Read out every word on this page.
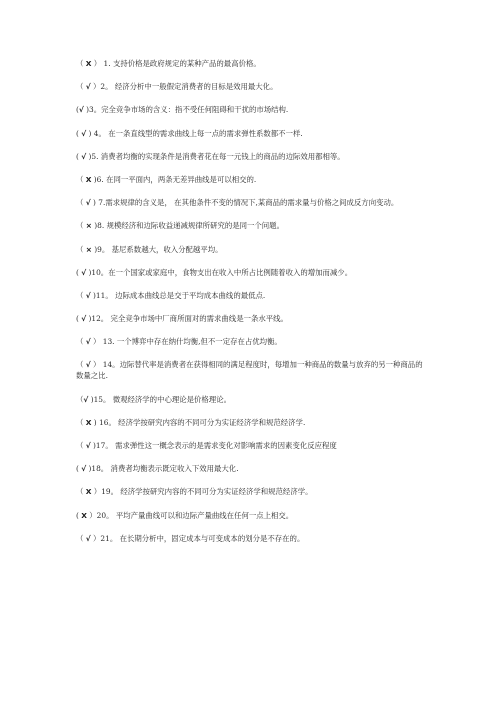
（ X ） 1. 支持价格是政府规定的某种产品的最高价格。
（ √ ）2。 经济分析中一般假定消费者的目标是效用最大化。
(√ )3。完全竞争市场的含义：指不受任何阻碍和干扰的市场结构.
( √ ) 4。 在一条直线型的需求曲线上每一点的需求弹性系数都不一样.
( √ )5. 消费者均衡的实现条件是消费者花在每一元钱上的商品的边际效用都相等。
（ X )6. 在同一平面内，两条无差异曲线是可以相交的.
（ √ ) 7.需求规律的含义是， 在其他条件不变的情况下,某商品的需求量与价格之间成反方向变动。
（ × )8. 规模经济和边际收益递减规律所研究的是同一个问题。
（ × )9。 基尼系数越大，收入分配越平均。
( √ )10。在一个国家或家庭中，食物支出在收入中所占比例随着收入的增加而减少。
（ √ )11。 边际成本曲线总是交于平均成本曲线的最低点.
( √ )12。 完全竞争市场中厂商所面对的需求曲线是一条水平线。
（ √ ） 13. 一个博弈中存在纳什均衡,但不一定存在占优均衡。
（ √ ） 14。边际替代率是消费者在获得相同的满足程度时，每增加一种商品的数量与放弃的另一种商品的数量之比.
（√ )15。 微观经济学的中心理论是价格理论。
（ X ) 16。 经济学按研究内容的不同可分为实证经济学和规范经济学.
（ √ )17。 需求弹性这一概念表示的是需求变化对影响需求的因素变化反应程度
( √ )18。 消费者均衡表示既定收入下效用最大化.
（ X ）19。 经济学按研究内容的不同可分为实证经济学和规范经济学。
( X ）20。 平均产量曲线可以和边际产量曲线在任何一点上相交。
（ √ ）21。 在长期分析中，固定成本与可变成本的划分是不存在的。
